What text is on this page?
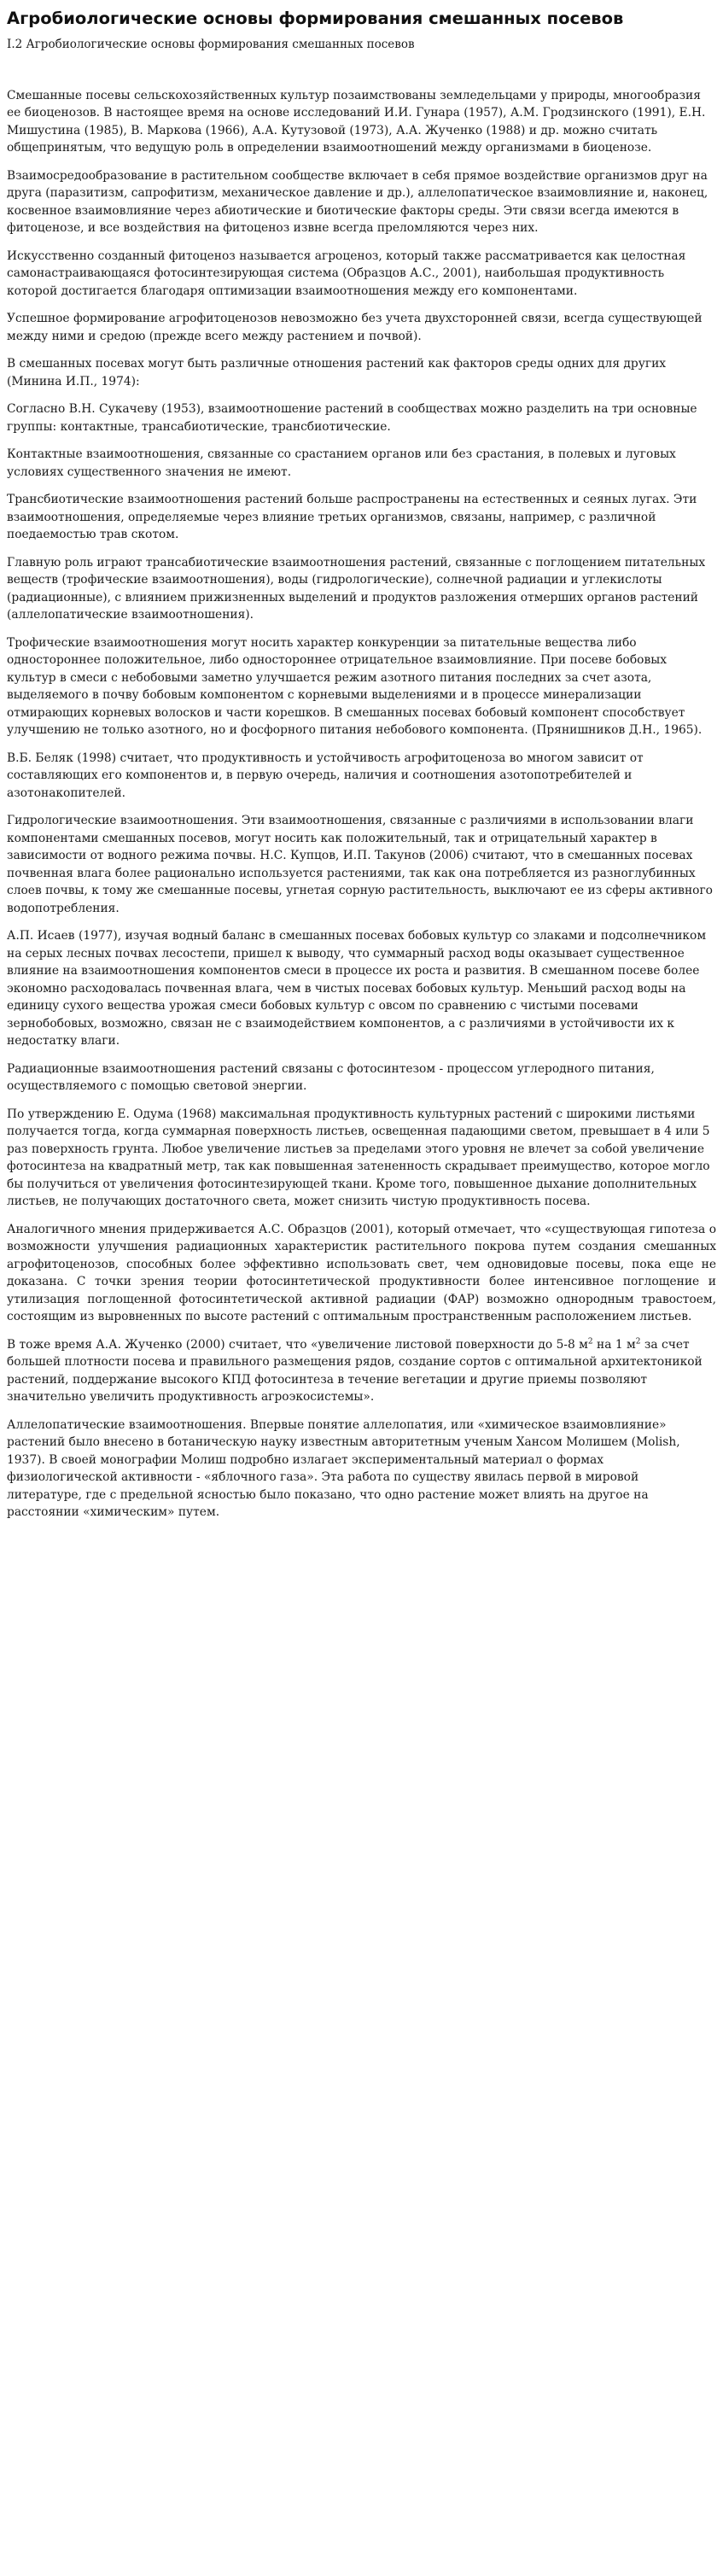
Агробиологические основы формирования смешанных посевов
I.2 Агробиологические основы формирования смешанных посевов

Смешанные посевы сельскохозяйственных культур позаимствованы земледельцами у природы, многообразия ее биоценозов. В настоящее время на основе исследований И.И. Гунара (1957), А.М. Гродзинского (1991), Е.Н. Мишустина (1985), В. Маркова (1966), А.А. Кутузовой (1973), А.А. Жученко (1988) и др. можно считать общепринятым, что ведущую роль в определении взаимоотношений между организмами в биоценозе.

Взаимосредообразование в растительном сообществе включает в себя прямое воздействие организмов друг на друга (паразитизм, сапрофитизм, механическое давление и др.), аллелопатическое взаимовлияние и, наконец, косвенное взаимовлияние через абиотические и биотические факторы среды. Эти связи всегда имеются в фитоценозе, и все воздействия на фитоценоз извне всегда преломляются через них.

Искусственно созданный фитоценоз называется агроценоз, который также рассматривается как целостная самонастраивающаяся фотосинтезирующая система (Образцов А.С., 2001), наибольшая продуктивность которой достигается благодаря оптимизации взаимоотношения между его компонентами.

Успешное формирование агрофитоценозов невозможно без учета двухсторонней связи, всегда существующей между ними и средою (прежде всего между растением и почвой).

В смешанных посевах могут быть различные отношения растений как факторов среды одних для других (Минина И.П., 1974):

Согласно В.Н. Сукачеву (1953), взаимоотношение растений в сообществах можно разделить на три основные группы: контактные, трансабиотические, трансбиотические.

Контактные взаимоотношения, связанные со срастанием органов или без срастания, в полевых и луговых условиях существенного значения не имеют.

Трансбиотические взаимоотношения растений больше распространены на естественных и сеяных лугах. Эти взаимоотношения, определяемые через влияние третьих организмов, связаны, например, с различной поедаемостью трав скотом.

Главную роль играют трансабиотические взаимоотношения растений, связанные с поглощением питательных веществ (трофические взаимоотношения), воды (гидрологические), солнечной радиации и углекислоты (радиационные), с влиянием прижизненных выделений и продуктов разложения отмерших органов растений (аллелопатические взаимоотношения).

Трофические взаимоотношения могут носить характер конкуренции за питательные вещества либо одностороннее положительное, либо одностороннее отрицательное взаимовлияние. При посеве бобовых культур в смеси с небобовыми заметно улучшается режим азотного питания последних за счет азота, выделяемого в почву бобовым компонентом с корневыми выделениями и в процессе минерализации отмирающих корневых волосков и части корешков. В смешанных посевах бобовый компонент способствует улучшению не только азотного, но и фосфорного питания небобового компонента. (Прянишников Д.Н., 1965).

В.Б. Беляк (1998) считает, что продуктивность и устойчивость агрофитоценоза во многом зависит от составляющих его компонентов и, в первую очередь, наличия и соотношения азотопотребителей и азотонакопителей.

Гидрологические взаимоотношения. Эти взаимоотношения, связанные с различиями в использовании влаги компонентами смешанных посевов, могут носить как положительный, так и отрицательный характер в зависимости от водного режима почвы. Н.С. Купцов, И.П. Такунов (2006) считают, что в смешанных посевах почвенная влага более рационально используется растениями, так как она потребляется из разноглубинных слоев почвы, к тому же смешанные посевы, угнетая сорную растительность, выключают ее из сферы активного водопотребления.

А.П. Исаев (1977), изучая водный баланс в смешанных посевах бобовых культур со злаками и подсолнечником на серых лесных почвах лесостепи, пришел к выводу, что суммарный расход воды оказывает существенное влияние на взаимоотношения компонентов смеси в процессе их роста и развития. В смешанном посеве более экономно расходовалась почвенная влага, чем в чистых посевах бобовых культур. Меньший расход воды на единицу сухого вещества урожая смеси бобовых культур с овсом по сравнению с чистыми посевами зернобобовых, возможно, связан не с взаимодействием компонентов, а с различиями в устойчивости их к недостатку влаги.

Радиационные взаимоотношения растений связаны с фотосинтезом - процессом углеродного питания, осуществляемого с помощью световой энергии.

По утверждению Е. Одума (1968) максимальная продуктивность культурных растений с широкими листьями получается тогда, когда суммарная поверхность листьев, освещенная падающими светом, превышает в 4 или 5 раз поверхность грунта. Любое увеличение листьев за пределами этого уровня не влечет за собой увеличение фотосинтеза на квадратный метр, так как повышенная затененность скрадывает преимущество, которое могло бы получиться от увеличения фотосинтезирующей ткани. Кроме того, повышенное дыхание дополнительных листьев, не получающих достаточного света, может снизить чистую продуктивность посева.

Аналогичного мнения придерживается А.С. Образцов (2001), который отмечает, что «существующая гипотеза о возможности улучшения радиационных характеристик растительного покрова путем создания смешанных агрофитоценозов, способных более эффективно использовать свет, чем одновидовые посевы, пока еще не доказана. С точки зрения теории фотосинтетической продуктивности более интенсивное поглощение и утилизация поглощенной фотосинтетической активной радиации (ФАР) возможно однородным травостоем, состоящим из выровненных по высоте растений с оптимальным пространственным расположением листьев.

В тоже время А.А. Жученко (2000) считает, что «увеличение листовой поверхности до 5-8 $м^2$ на 1 $м^2$ за счет большей плотности посева и правильного размещения рядов, создание сортов с оптимальной архитектоникой растений, поддержание высокого КПД фотосинтеза в течение вегетации и другие приемы позволяют значительно увеличить продуктивность агроэкосистемы».

Аллелопатические взаимоотношения. Впервые понятие аллелопатия, или «химическое взаимовлияние» растений было внесено в ботаническую науку известным авторитетным ученым Хансом Молишем (Molish, 1937). В своей монографии Молиш подробно излагает экспериментальный материал о формах физиологической активности - «яблочного газа». Эта работа по существу явилась первой в мировой литературе, где с предельной ясностью было показано, что одно растение может влиять на другое на расстоянии «химическим» путем.
